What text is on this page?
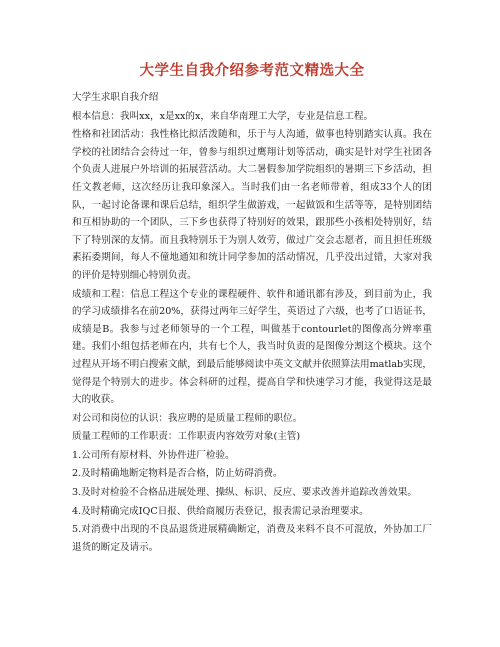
大学生自我介绍参考范文精选大全

大学生求职自我介绍

根本信息：我叫xx，x是xx的x，来自华南理工大学，专业是信息工程。

性格和社团活动：我性格比拟活泼随和，乐于与人沟通，做事也特别踏实认真。我在学校的社团结合会待过一年，曾参与组织过鹰翔计划等活动，确实是针对学生社团各个负责人进展户外培训的拓展营活动。大二暑假参加学院组织的暑期三下乡活动，担任文教老师，这次经历让我印象深入。当时我们由一名老师带着，组成33个人的团队，一起讨论备课和课后总结，组织学生做游戏，一起做饭和生活等等，是特别团结和互相协助的一个团队，三下乡也获得了特别好的效果，跟那些小孩相处特别好，结下了特别深的友情。而且我特别乐于为别人效劳，做过广交会志愿者，而且担任班级素拓委期间，每人不僮地通知和统计同学参加的活动情况，几乎没出过错，大家对我的评价是特别细心特别负责。

成绩和工程：信息工程这个专业的课程硬件、软件和通讯都有涉及，到目前为止，我的学习成绩排名在前20%，获得过两年三好学生，英语过了六级，也考了口语证书，成绩是B。我参与过老师领导的一个工程，叫做基于contourlet的图像高分辨率重建。我们小组包括老师在内，共有七个人，我当时负责的是图像分割这个模块。这个过程从开场不明白搜索文献，到最后能够阅读中英文文献并依照算法用matlab实现，觉得是个特别大的进步。体会科研的过程，提高自学和快速学习才能，我觉得这是最大的收获。

对公司和岗位的认识：我应聘的是质量工程师的职位。

质量工程师的工作职责：工作职责内容效劳对象(主管)

1.公司所有原材料、外协件进厂检验。

2.及时精确地断定物料是否合格，防止妨碍消费。

3.及时对检验不合格品进展处理、操纵、标识、反应、要求改善并追踪改善效果。

4.及时精确完成IQC日报、供给商履历表登记，报表需记录治理要求。

5.对消费中出现的不良品退货进展精确断定，消费及来料不良不可混放，外协加工厂退货的断定及请示。
